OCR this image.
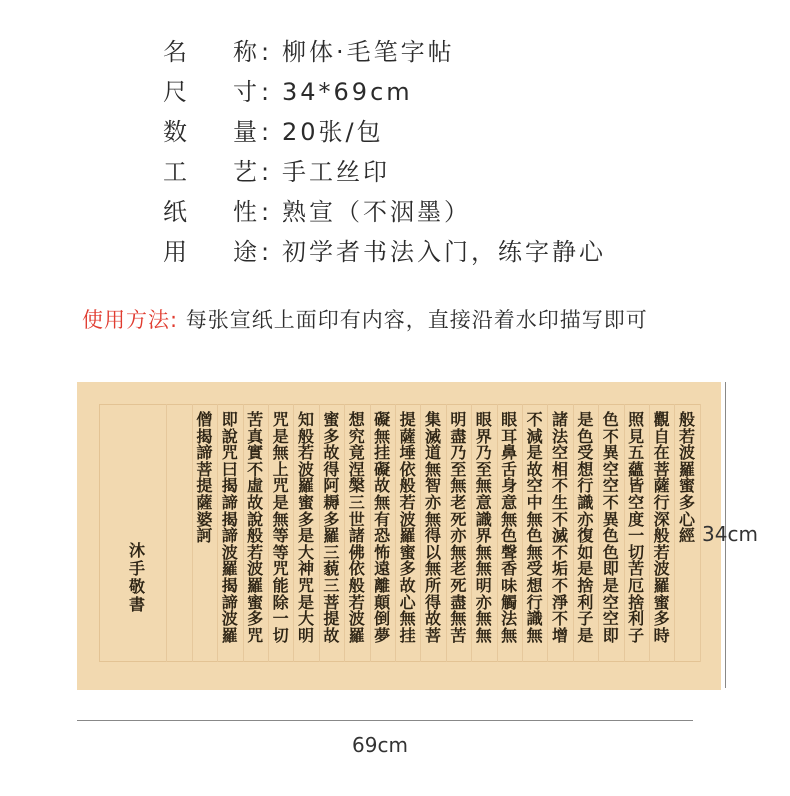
名 称 : 柳体·毛笔字帖
尺 寸 : 34*69cm
数 量 : 20张/包
工 艺 : 手工丝印
纸 性 : 熟宣（不洇墨）
用 途 : 初学者书法入门，练字静心
使用方法: 每张宣纸上面印有内容，直接沿着水印描写即可
沐手敬書
般若波羅蜜多心經
觀自在菩薩行深般若波羅蜜多時
照見五蘊皆空度一切苦厄捨利子
色不異空空不異色色即是空空即
是色受想行識亦復如是捨利子是
諸法空相不生不滅不垢不淨不增
不減是故空中無色無受想行識無
眼耳鼻舌身意無色聲香味觸法無
眼界乃至無意識界無無明亦無無
明盡乃至無老死亦無老死盡無苦
集滅道無智亦無得以無所得故菩
提薩埵依般若波羅蜜多故心無挂
礙無挂礙故無有恐怖遠離顛倒夢
想究竟涅槃三世諸佛依般若波羅
蜜多故得阿耨多羅三藐三菩提故
知般若波羅蜜多是大神咒是大明
咒是無上咒是無等等咒能除一切
苦真實不虛故說般若波羅蜜多咒
即說咒曰揭諦揭諦波羅揭諦波羅
僧揭諦菩提薩婆訶	34cm
69cm
